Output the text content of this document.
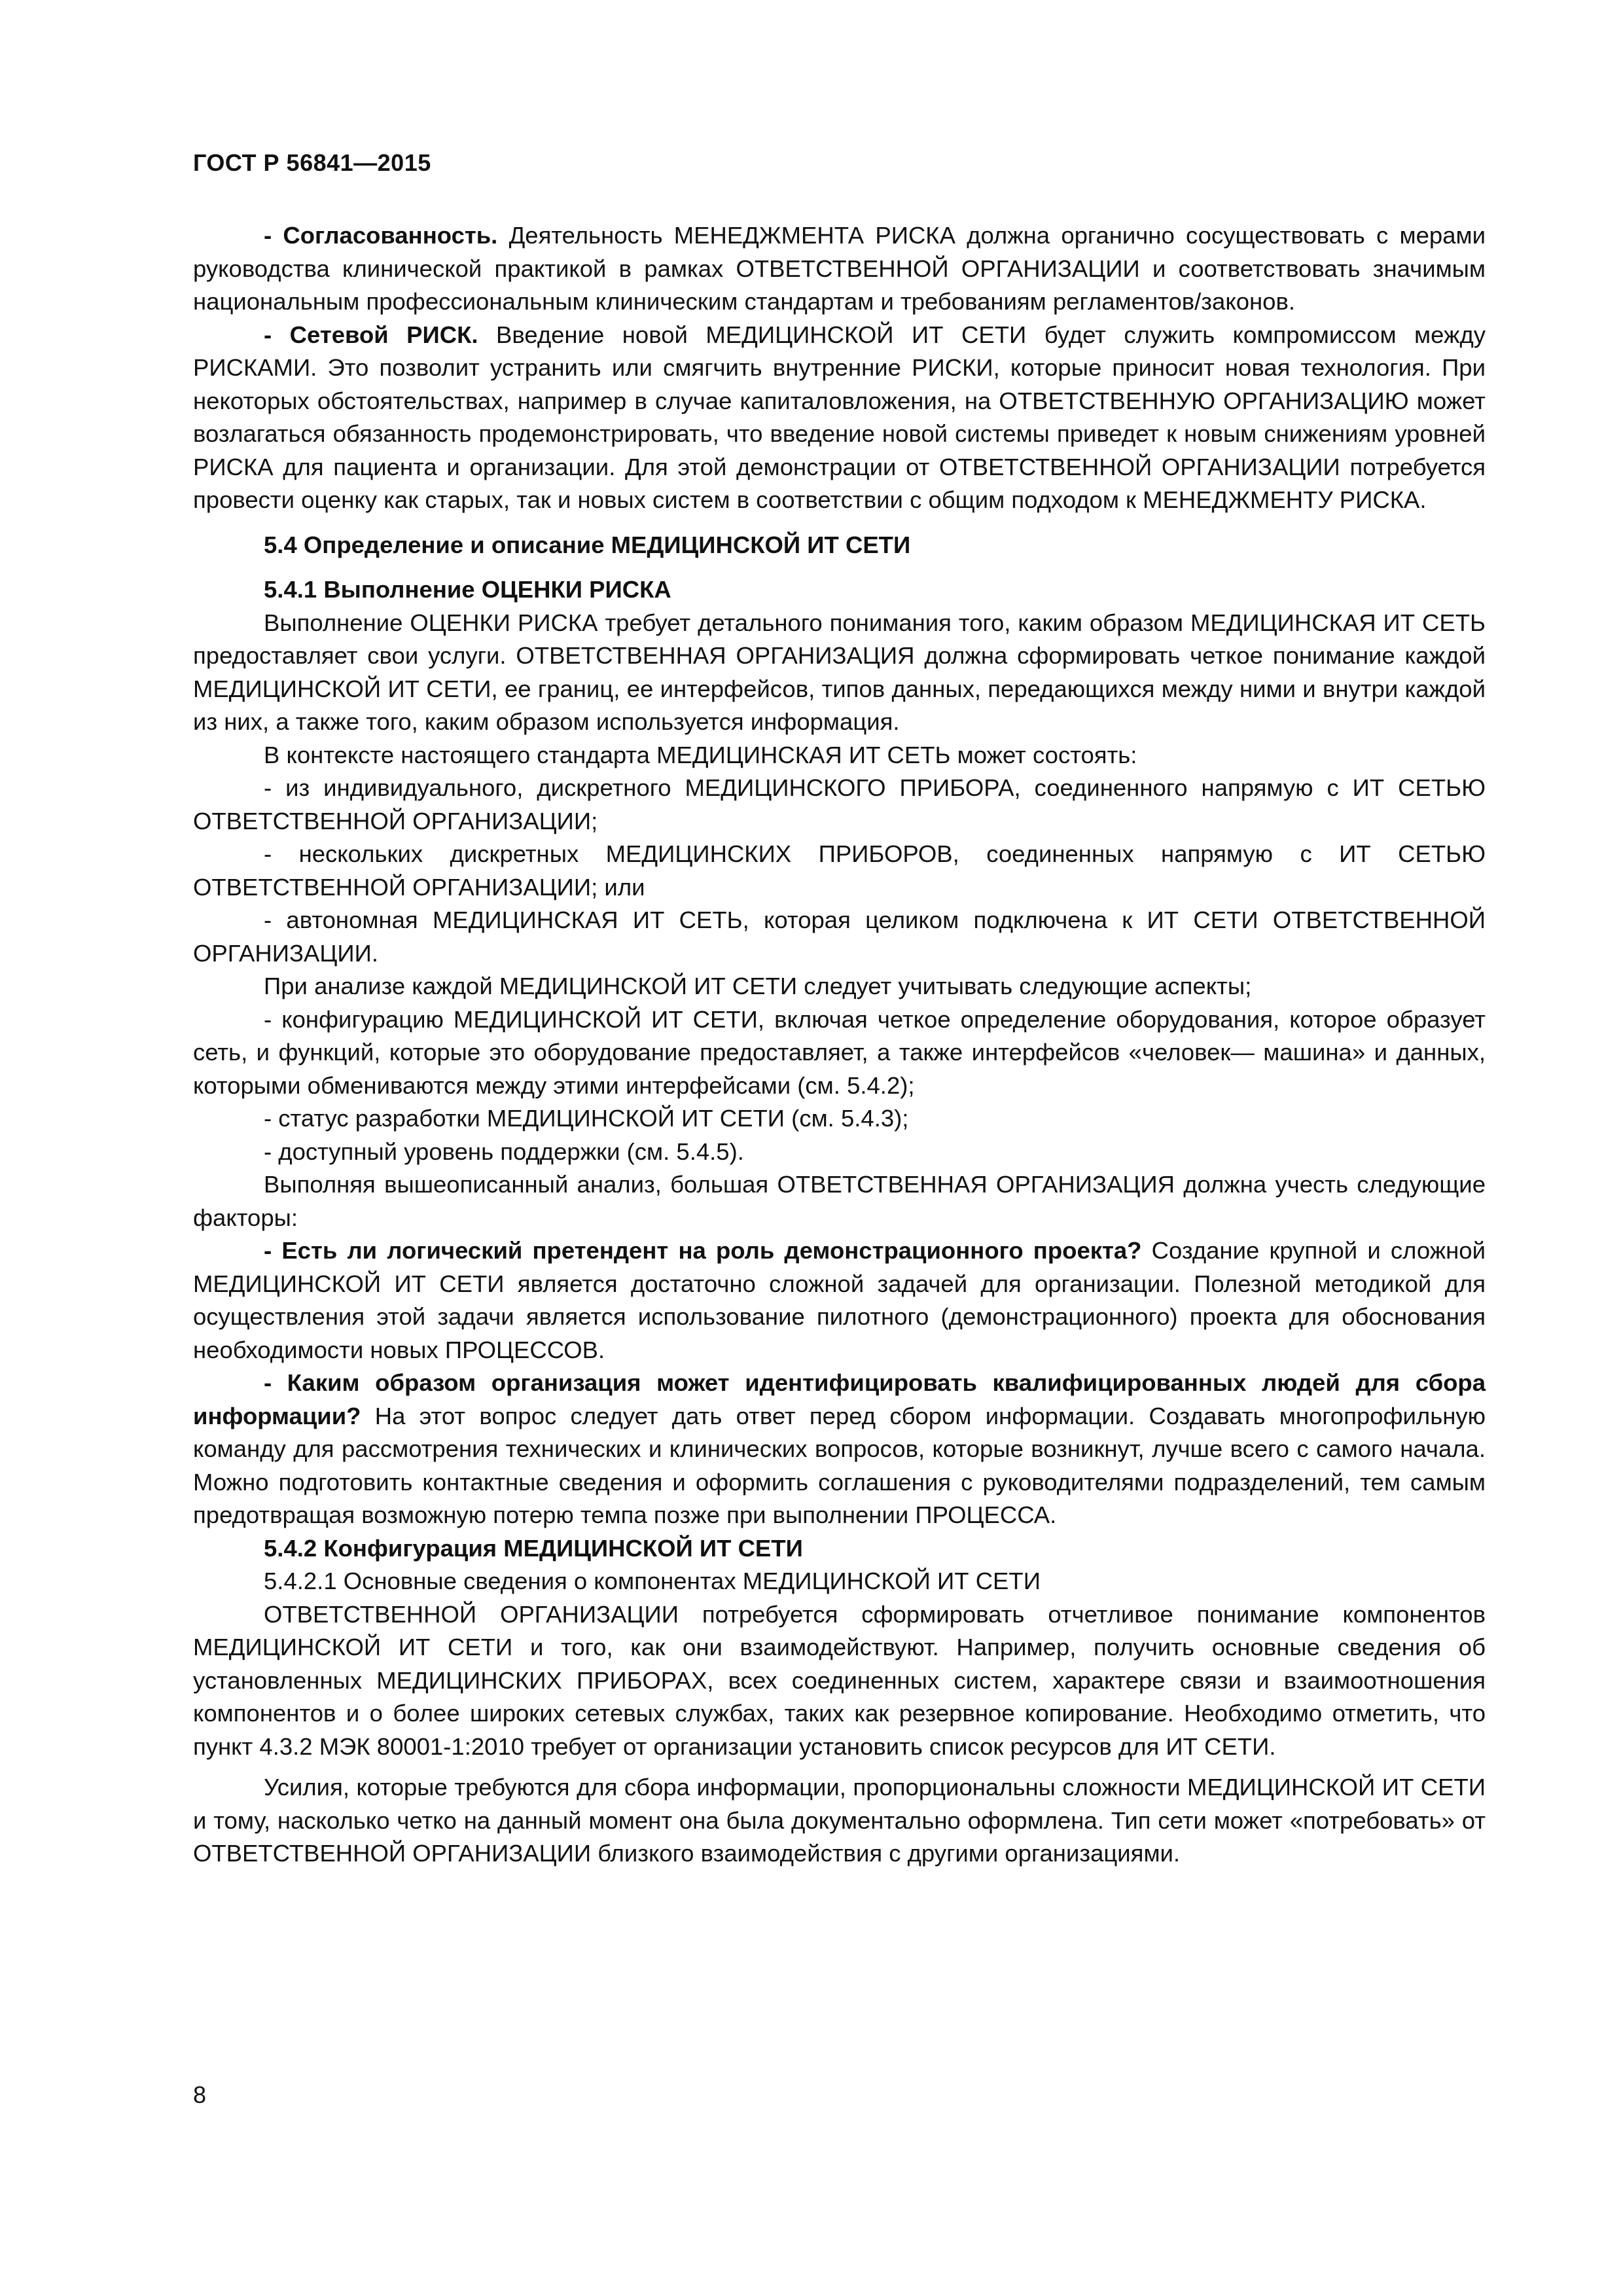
ГОСТ Р 56841—2015

- Согласованность. Деятельность МЕНЕДЖМЕНТА РИСКА должна органично сосуществовать с мерами руководства клинической практикой в рамках ОТВЕТСТВЕННОЙ ОРГАНИЗАЦИИ и соответствовать значимым национальным профессиональным клиническим стандартам и требованиям регламентов/законов.

- Сетевой РИСК. Введение новой МЕДИЦИНСКОЙ ИТ СЕТИ будет служить компромиссом между РИСКАМИ. Это позволит устранить или смягчить внутренние РИСКИ, которые приносит новая технология. При некоторых обстоятельствах, например в случае капиталовложения, на ОТВЕТСТВЕННУЮ ОРГАНИЗАЦИЮ может возлагаться обязанность продемонстрировать, что введение новой системы приведет к новым снижениям уровней РИСКА для пациента и организации. Для этой демонстрации от ОТВЕТСТВЕННОЙ ОРГАНИЗАЦИИ потребуется провести оценку как старых, так и новых систем в соответствии с общим подходом к МЕНЕДЖМЕНТУ РИСКА.

5.4 Определение и описание МЕДИЦИНСКОЙ ИТ СЕТИ

5.4.1 Выполнение ОЦЕНКИ РИСКА

Выполнение ОЦЕНКИ РИСКА требует детального понимания того, каким образом МЕДИЦИНСКАЯ ИТ СЕТЬ предоставляет свои услуги. ОТВЕТСТВЕННАЯ ОРГАНИЗАЦИЯ должна сформировать четкое понимание каждой МЕДИЦИНСКОЙ ИТ СЕТИ, ее границ, ее интерфейсов, типов данных, передающихся между ними и внутри каждой из них, а также того, каким образом используется информация.

В контексте настоящего стандарта МЕДИЦИНСКАЯ ИТ СЕТЬ может состоять:

- из индивидуального, дискретного МЕДИЦИНСКОГО ПРИБОРА, соединенного напрямую с ИТ СЕТЬЮ ОТВЕТСТВЕННОЙ ОРГАНИЗАЦИИ;

- нескольких дискретных МЕДИЦИНСКИХ ПРИБОРОВ, соединенных напрямую с ИТ СЕТЬЮ ОТВЕТСТВЕННОЙ ОРГАНИЗАЦИИ; или

- автономная МЕДИЦИНСКАЯ ИТ СЕТЬ, которая целиком подключена к ИТ СЕТИ ОТВЕТСТВЕННОЙ ОРГАНИЗАЦИИ.

При анализе каждой МЕДИЦИНСКОЙ ИТ СЕТИ следует учитывать следующие аспекты;

- конфигурацию МЕДИЦИНСКОЙ ИТ СЕТИ, включая четкое определение оборудования, которое образует сеть, и функций, которые это оборудование предоставляет, а также интерфейсов «человек— машина» и данных, которыми обмениваются между этими интерфейсами (см. 5.4.2);

- статус разработки МЕДИЦИНСКОЙ ИТ СЕТИ (см. 5.4.3);

- доступный уровень поддержки (см. 5.4.5).

Выполняя вышеописанный анализ, большая ОТВЕТСТВЕННАЯ ОРГАНИЗАЦИЯ должна учесть следующие факторы:

- Есть ли логический претендент на роль демонстрационного проекта? Создание крупной и сложной МЕДИЦИНСКОЙ ИТ СЕТИ является достаточно сложной задачей для организации. Полезной методикой для осуществления этой задачи является использование пилотного (демонстрационного) проекта для обоснования необходимости новых ПРОЦЕССОВ.

- Каким образом организация может идентифицировать квалифицированных людей для сбора информации? На этот вопрос следует дать ответ перед сбором информации. Создавать многопрофильную команду для рассмотрения технических и клинических вопросов, которые возникнут, лучше всего с самого начала. Можно подготовить контактные сведения и оформить соглашения с руководителями подразделений, тем самым предотвращая возможную потерю темпа позже при выполнении ПРОЦЕССА.

5.4.2 Конфигурация МЕДИЦИНСКОЙ ИТ СЕТИ

5.4.2.1 Основные сведения о компонентах МЕДИЦИНСКОЙ ИТ СЕТИ

ОТВЕТСТВЕННОЙ ОРГАНИЗАЦИИ потребуется сформировать отчетливое понимание компонентов МЕДИЦИНСКОЙ ИТ СЕТИ и того, как они взаимодействуют. Например, получить основные сведения об установленных МЕДИЦИНСКИХ ПРИБОРАХ, всех соединенных систем, характере связи и взаимоотношения компонентов и о более широких сетевых службах, таких как резервное копирование. Необходимо отметить, что пункт 4.3.2 МЭК 80001-1:2010 требует от организации установить список ресурсов для ИТ СЕТИ.

Усилия, которые требуются для сбора информации, пропорциональны сложности МЕДИЦИНСКОЙ ИТ СЕТИ и тому, насколько четко на данный момент она была документально оформлена. Тип сети может «потребовать» от ОТВЕТСТВЕННОЙ ОРГАНИЗАЦИИ близкого взаимодействия с другими организациями.

8
